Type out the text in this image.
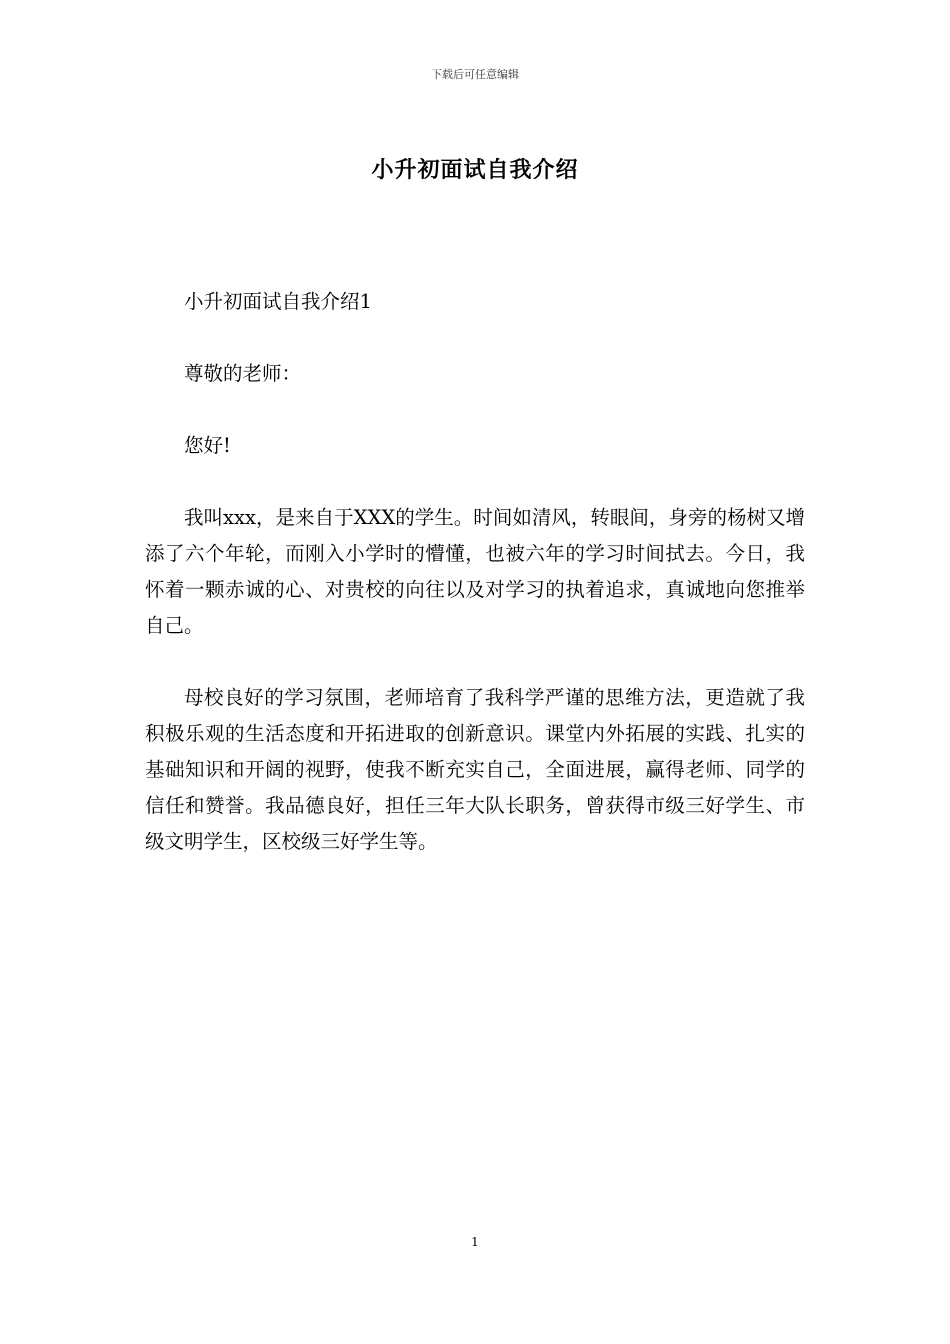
下载后可任意编辑
小升初面试自我介绍

小升初面试自我介绍1

尊敬的老师：

您好!

我叫xxx，是来自于XXX的学生。时间如清风，转眼间，身旁的杨树又增添了六个年轮，而刚入小学时的懵懂，也被六年的学习时间拭去。今日，我怀着一颗赤诚的心、对贵校的向往以及对学习的执着追求，真诚地向您推举自己。

母校良好的学习氛围，老师培育了我科学严谨的思维方法，更造就了我积极乐观的生活态度和开拓进取的创新意识。课堂内外拓展的实践、扎实的基础知识和开阔的视野，使我不断充实自己，全面进展，赢得老师、同学的信任和赞誉。我品德良好，担任三年大队长职务，曾获得市级三好学生、市级文明学生，区校级三好学生等。

1
